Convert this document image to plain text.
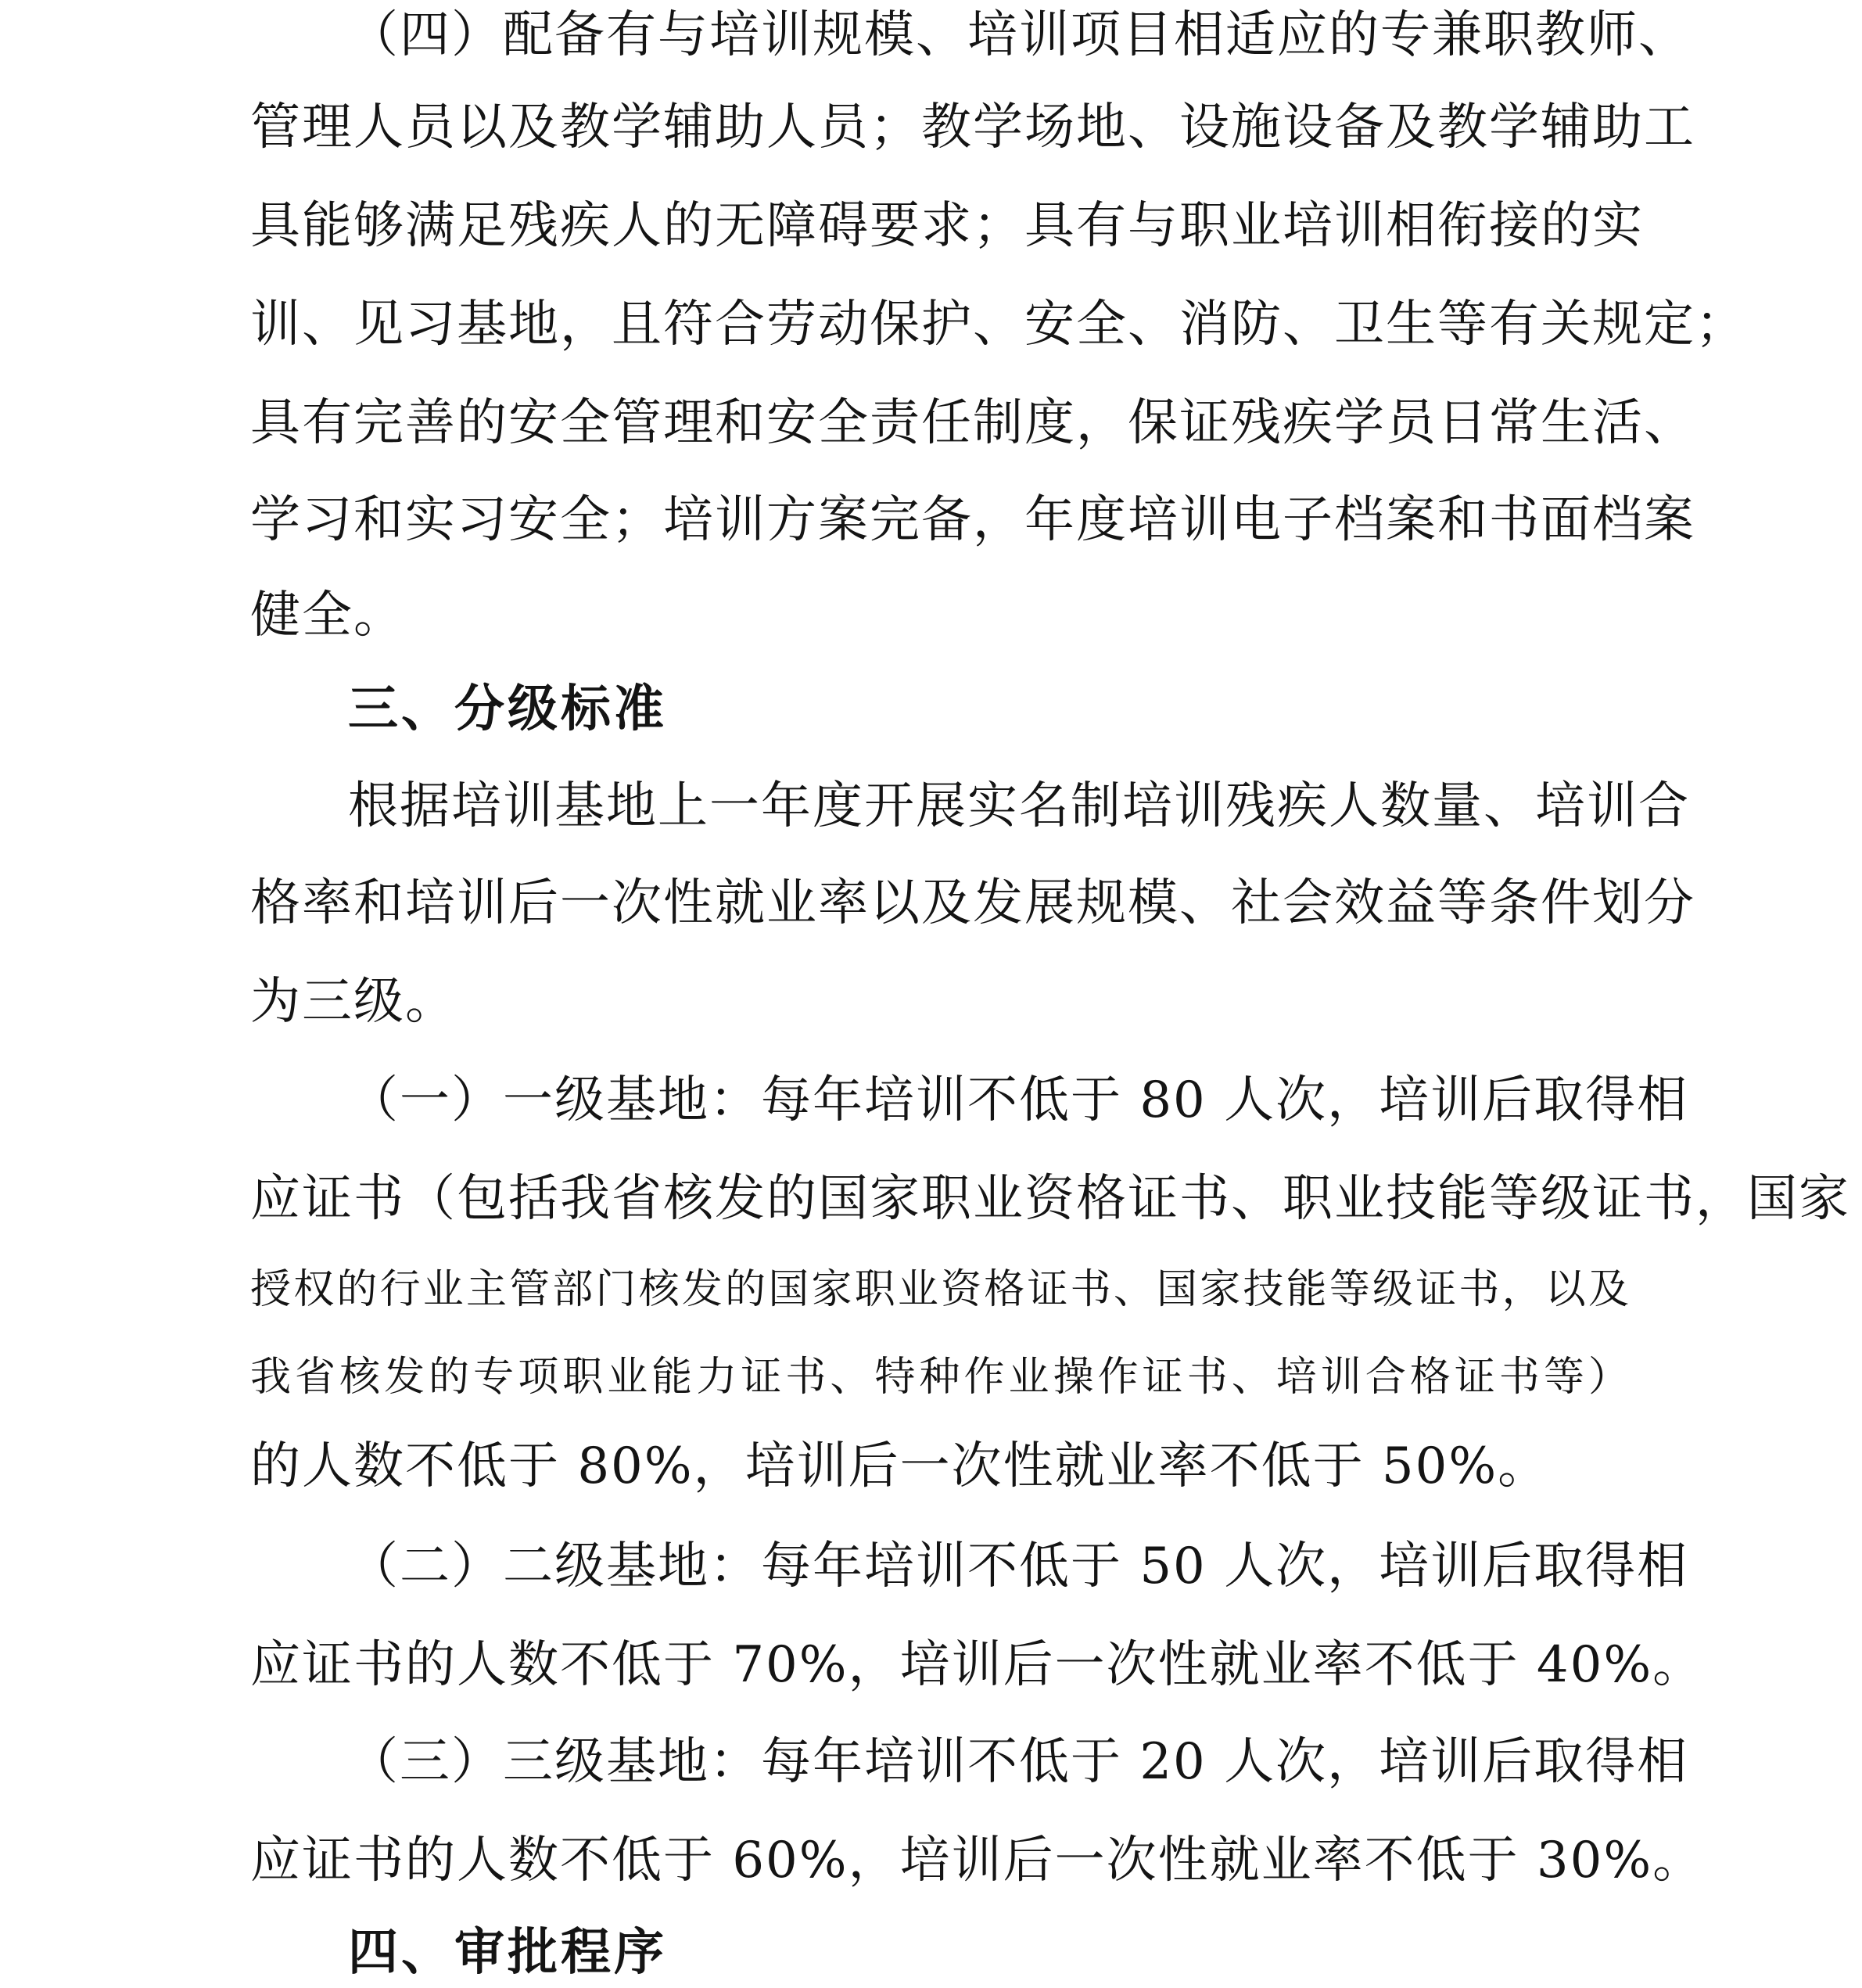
（四）配备有与培训规模、培训项目相适应的专兼职教师、
管理人员以及教学辅助人员；教学场地、设施设备及教学辅助工
具能够满足残疾人的无障碍要求；具有与职业培训相衔接的实
训、见习基地，且符合劳动保护、安全、消防、卫生等有关规定；
具有完善的安全管理和安全责任制度，保证残疾学员日常生活、
学习和实习安全；培训方案完备，年度培训电子档案和书面档案
健全。
三、分级标准
根据培训基地上一年度开展实名制培训残疾人数量、培训合
格率和培训后一次性就业率以及发展规模、社会效益等条件划分
为三级。
（一）一级基地：每年培训不低于 80 人次，培训后取得相
应证书（包括我省核发的国家职业资格证书、职业技能等级证书，国家
授权的行业主管部门核发的国家职业资格证书、国家技能等级证书，以及
我省核发的专项职业能力证书、特种作业操作证书、培训合格证书等）
的人数不低于 80%，培训后一次性就业率不低于 50%。
（二）二级基地：每年培训不低于 50 人次，培训后取得相
应证书的人数不低于 70%，培训后一次性就业率不低于 40%。
（三）三级基地：每年培训不低于 20 人次，培训后取得相
应证书的人数不低于 60%，培训后一次性就业率不低于 30%。
四、审批程序
